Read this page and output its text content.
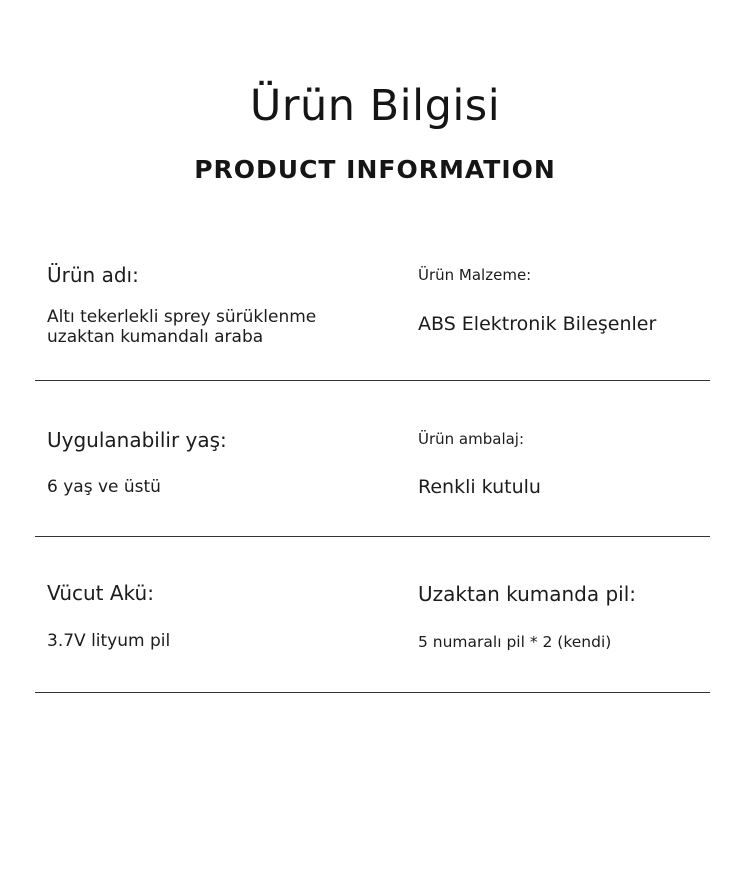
Ürün Bilgisi
PRODUCT INFORMATION
Ürün adı:
Altı tekerlekli sprey sürüklenme
uzaktan kumandalı araba
Ürün Malzeme:
ABS Elektronik Bileşenler
Uygulanabilir yaş:
6 yaş ve üstü
Ürün ambalaj:
Renkli kutulu
Vücut Akü:
3.7V lityum pil
Uzaktan kumanda pil:
5 numaralı pil * 2 (kendi)
